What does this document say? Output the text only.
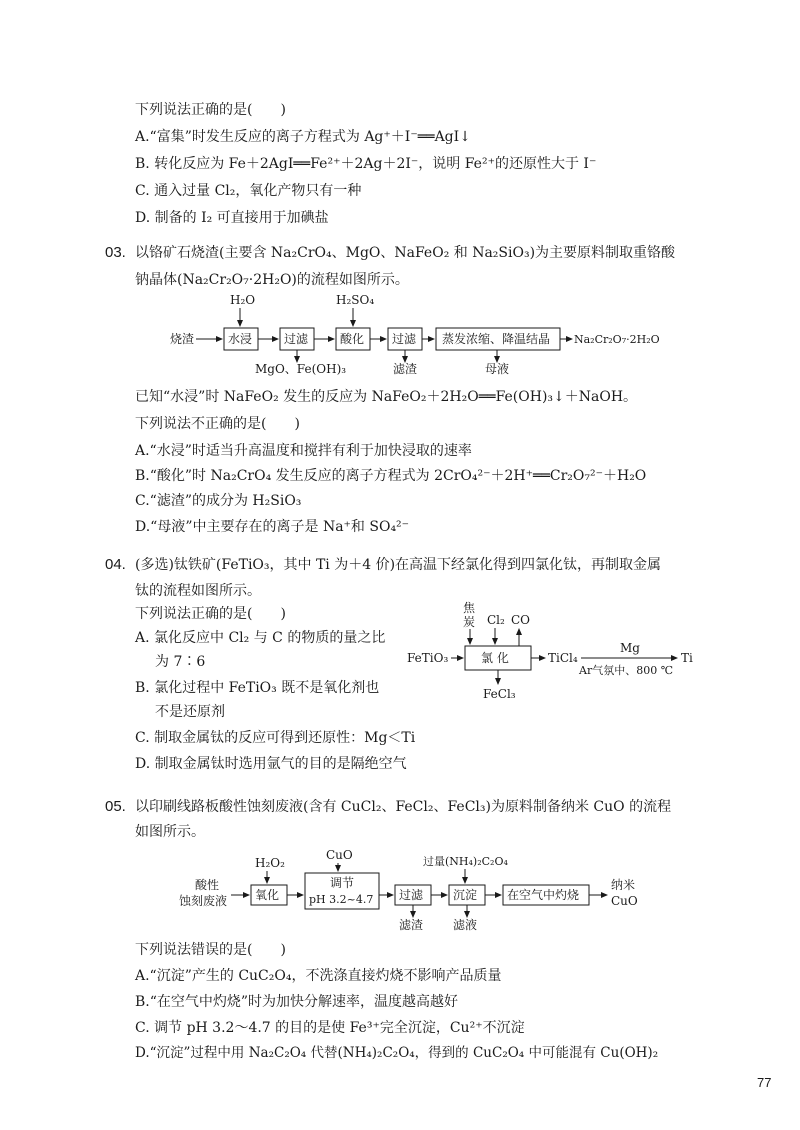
下列说法正确的是(　　)
A.“富集”时发生反应的离子方程式为 Ag⁺＋I⁻══AgI↓
B. 转化反应为 Fe＋2AgI══Fe²⁺＋2Ag＋2I⁻，说明 Fe²⁺的还原性大于 I⁻
C. 通入过量 Cl₂，氧化产物只有一种
D. 制备的 I₂ 可直接用于加碘盐
03. 以铬矿石烧渣(主要含 Na₂CrO₄、MgO、NaFeO₂ 和 Na₂SiO₃)为主要原料制取重铬酸
钠晶体(Na₂Cr₂O₇·2H₂O)的流程如图所示。
烧渣
H₂O
水浸	过滤
MgO、Fe(OH)₃
H₂SO₄
酸化 过滤
滤渣
蒸发浓缩、降温结晶
母液
Na₂Cr₂O₇·2H₂O
已知“水浸”时 NaFeO₂ 发生的反应为 NaFeO₂＋2H₂O══Fe(OH)₃↓＋NaOH。
下列说法不正确的是(　　)
A.“水浸”时适当升高温度和搅拌有利于加快浸取的速率
B.“酸化”时 Na₂CrO₄ 发生反应的离子方程式为 2CrO₄²⁻＋2H⁺══Cr₂O₇²⁻＋H₂O
C.“滤渣”的成分为 H₂SiO₃
D.“母液”中主要存在的离子是 Na⁺和 SO₄²⁻
04. (多选)钛铁矿(FeTiO₃，其中 Ti 为＋4 价)在高温下经氯化得到四氯化钛，再制取金属
钛的流程如图所示。
下列说法正确的是(　　)
A. 氯化反应中 Cl₂ 与 C 的物质的量之比
为 7∶6
B. 氯化过程中 FeTiO₃ 既不是氧化剂也
不是还原剂
C. 制取金属钛的反应可得到还原性：Mg＜Ti
D. 制取金属钛时选用氩气的目的是隔绝空气
焦
炭 Cl₂ CO
FeTiO₃	氯 化	TiCl₄
Mg
Ar气氛中、800 ℃
Ti
FeCl₃
05. 以印刷线路板酸性蚀刻废液(含有 CuCl₂、FeCl₂、FeCl₃)为原料制备纳米 CuO 的流程
如图所示。
酸性
蚀刻废液
H₂O₂
氧化
CuO
调节
pH 3.2~4.7 过滤
滤渣
过量(NH₄)₂C₂O₄
沉淀
滤液
在空气中灼烧
纳米
CuO
下列说法错误的是(　　)
A.“沉淀”产生的 CuC₂O₄，不洗涤直接灼烧不影响产品质量
B.“在空气中灼烧”时为加快分解速率，温度越高越好
C. 调节 pH 3.2～4.7 的目的是使 Fe³⁺完全沉淀，Cu²⁺不沉淀
D.“沉淀”过程中用 Na₂C₂O₄ 代替(NH₄)₂C₂O₄，得到的 CuC₂O₄ 中可能混有 Cu(OH)₂
77
